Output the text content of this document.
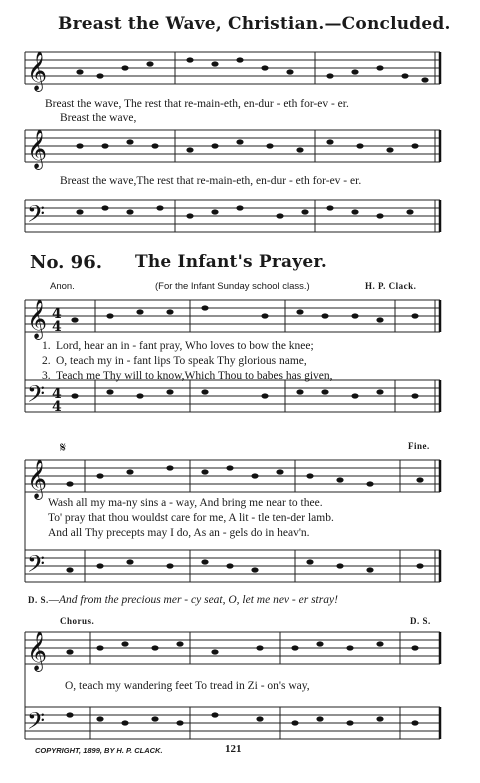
𝄞
𝄞
𝄢
𝄞
𝄢
𝄞
𝄢
𝄞
𝄢
4
4
4
4
𝄋
Breast the Wave, Christian.—Concluded.
Breast the wave, The rest that re-main-eth, en-dur - eth for-ev - er.
Breast the wave,
Breast the wave,The rest that re-main-eth, en-dur - eth for-ev - er.
No. 96. The Infant's Prayer.
Anon.	(For the Infant Sunday school class.)	H. P. Clack.
1. Lord, hear an in - fant pray, Who loves to bow the knee;
2. O, teach my in - fant lips To speak Thy glorious name,
3. Teach me Thy will to know,Which Thou to babes has given,
Fine.
Wash all my ma-ny sins a - way, And bring me near to thee.
To' pray that thou wouldst care for me, A lit - tle ten-der lamb.
And all Thy precepts may I do, As an - gels do in heav'n.
D. S.—And from the precious mer - cy seat, O, let me nev - er stray!
Chorus.	D. S.
O, teach my wandering feet To tread in Zi - on's way,
COPYRIGHT, 1899, BY H. P. CLACK.	121
